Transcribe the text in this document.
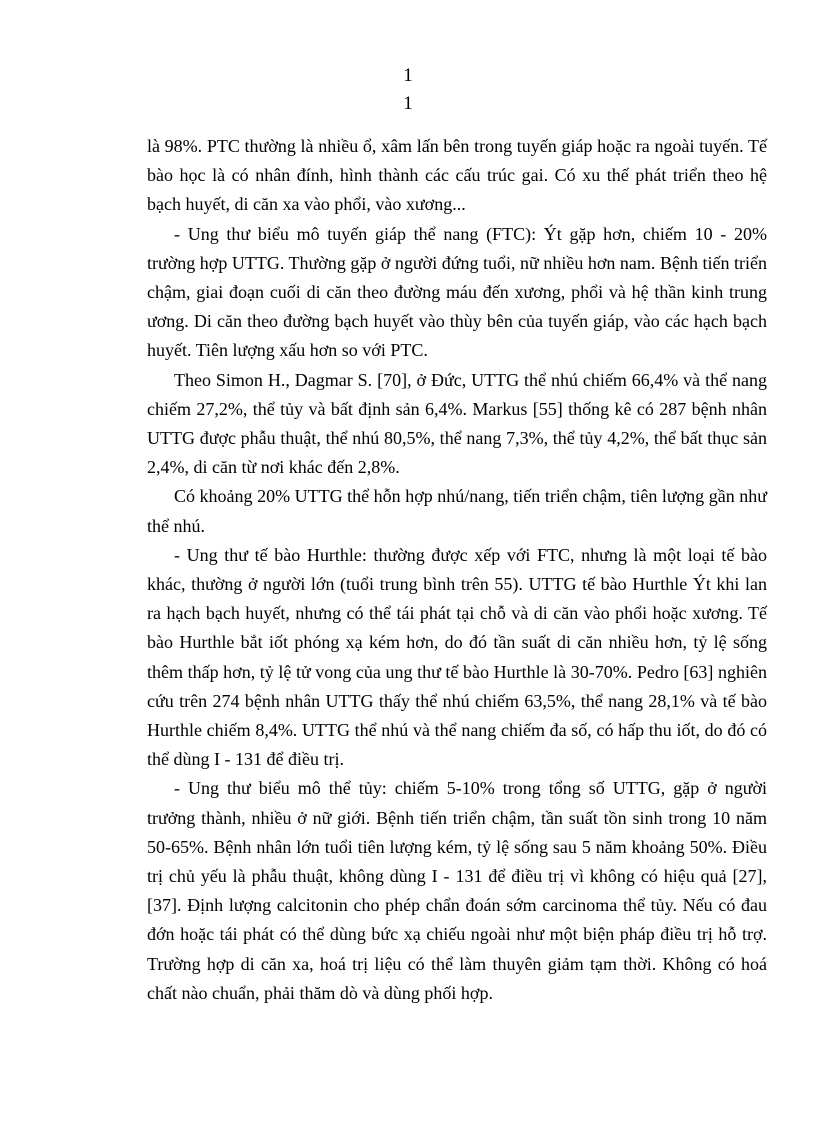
1
1

là 98%. PTC thường là nhiều ổ, xâm lấn bên trong tuyến giáp hoặc ra ngoài tuyến. Tế bào học là có nhân đính, hình thành các cấu trúc gai. Có xu thế phát triển theo hệ bạch huyết, di căn xa vào phổi, vào xương...

- Ung thư biểu mô tuyến giáp thể nang (FTC): Ýt gặp hơn, chiếm 10 - 20% trường hợp UTTG. Thường gặp ở người đứng tuổi, nữ nhiều hơn nam. Bệnh tiến triển chậm, giai đoạn cuối di căn theo đường máu đến xương, phổi và hệ thần kinh trung ương. Di căn theo đường bạch huyết vào thùy bên của tuyến giáp, vào các hạch bạch huyết. Tiên lượng xấu hơn so với PTC.

Theo Simon H., Dagmar S. [70], ở Đức, UTTG thể nhú chiếm 66,4% và thể nang chiếm 27,2%, thể tủy và bất định sản 6,4%. Markus [55] thống kê có 287 bệnh nhân UTTG được phẫu thuật, thể nhú 80,5%, thể nang 7,3%, thể tủy 4,2%, thể bất thục sản 2,4%, di căn từ nơi khác đến 2,8%.

Có khoảng 20% UTTG thể hỗn hợp nhú/nang, tiến triển chậm, tiên lượng gần như thể nhú.

- Ung thư tế bào Hurthle: thường được xếp với FTC, nhưng là một loại tế bào khác, thường ở người lớn (tuổi trung bình trên 55). UTTG tế bào Hurthle Ýt khi lan ra hạch bạch huyết, nhưng có thể tái phát tại chỗ và di căn vào phổi hoặc xương. Tế bào Hurthle bắt iốt phóng xạ kém hơn, do đó tần suất di căn nhiều hơn, tỷ lệ sống thêm thấp hơn, tỷ lệ tử vong của ung thư tế bào Hurthle là 30-70%. Pedro [63] nghiên cứu trên 274 bệnh nhân UTTG thấy thể nhú chiếm 63,5%, thể nang 28,1% và tế bào Hurthle chiếm 8,4%. UTTG thể nhú và thể nang chiếm đa số, có hấp thu iốt, do đó có thể dùng I - 131 để điều trị.

- Ung thư biểu mô thể tủy: chiếm 5-10% trong tổng số UTTG, gặp ở người trưởng thành, nhiều ở nữ giới. Bệnh tiến triển chậm, tần suất tồn sinh trong 10 năm 50-65%. Bệnh nhân lớn tuổi tiên lượng kém, tỷ lệ sống sau 5 năm khoảng 50%. Điều trị chủ yếu là phẫu thuật, không dùng I - 131 để điều trị vì không có hiệu quả [27], [37]. Định lượng calcitonin cho phép chẩn đoán sớm carcinoma thể tủy. Nếu có đau đớn hoặc tái phát có thể dùng bức xạ chiếu ngoài như một biện pháp điều trị hỗ trợ. Trường hợp di căn xa, hoá trị liệu có thể làm thuyên giảm tạm thời. Không có hoá chất nào chuẩn, phải thăm dò và dùng phối hợp.
